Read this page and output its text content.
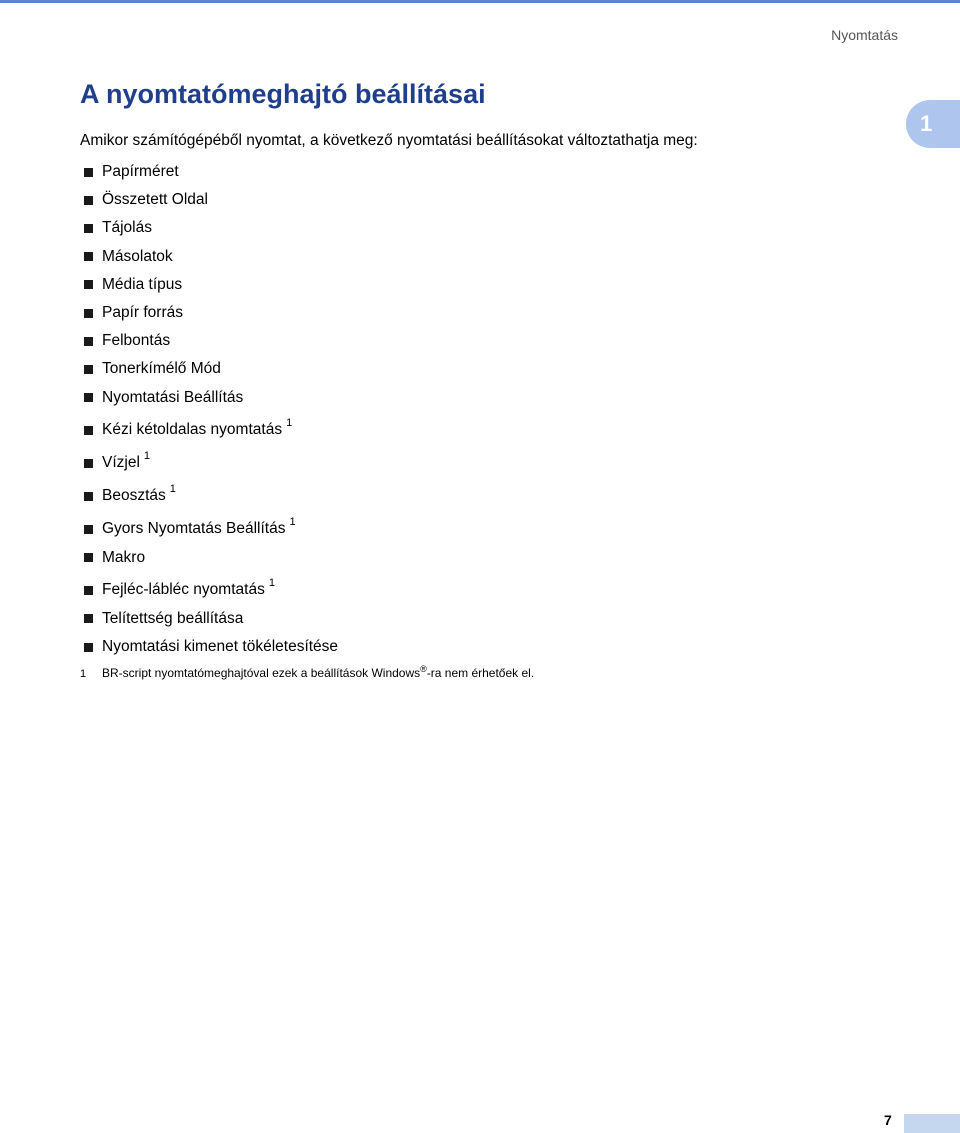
Nyomtatás
1
A nyomtatómeghajtó beállításai

Amikor számítógépéből nyomtat, a következő nyomtatási beállításokat változtathatja meg:

Papírméret
Összetett Oldal
Tájolás
Másolatok
Média típus
Papír forrás
Felbontás
Tonerkímélő Mód
Nyomtatási Beállítás
Kézi kétoldalas nyomtatás 1
Vízjel 1
Beosztás 1
Gyors Nyomtatás Beállítás 1
Makro
Fejléc-lábléc nyomtatás 1
Telítettség beállítása
Nyomtatási kimenet tökéletesítése
1 BR-script nyomtatómeghajtóval ezek a beállítások Windows®-ra nem érhetőek el.
7
